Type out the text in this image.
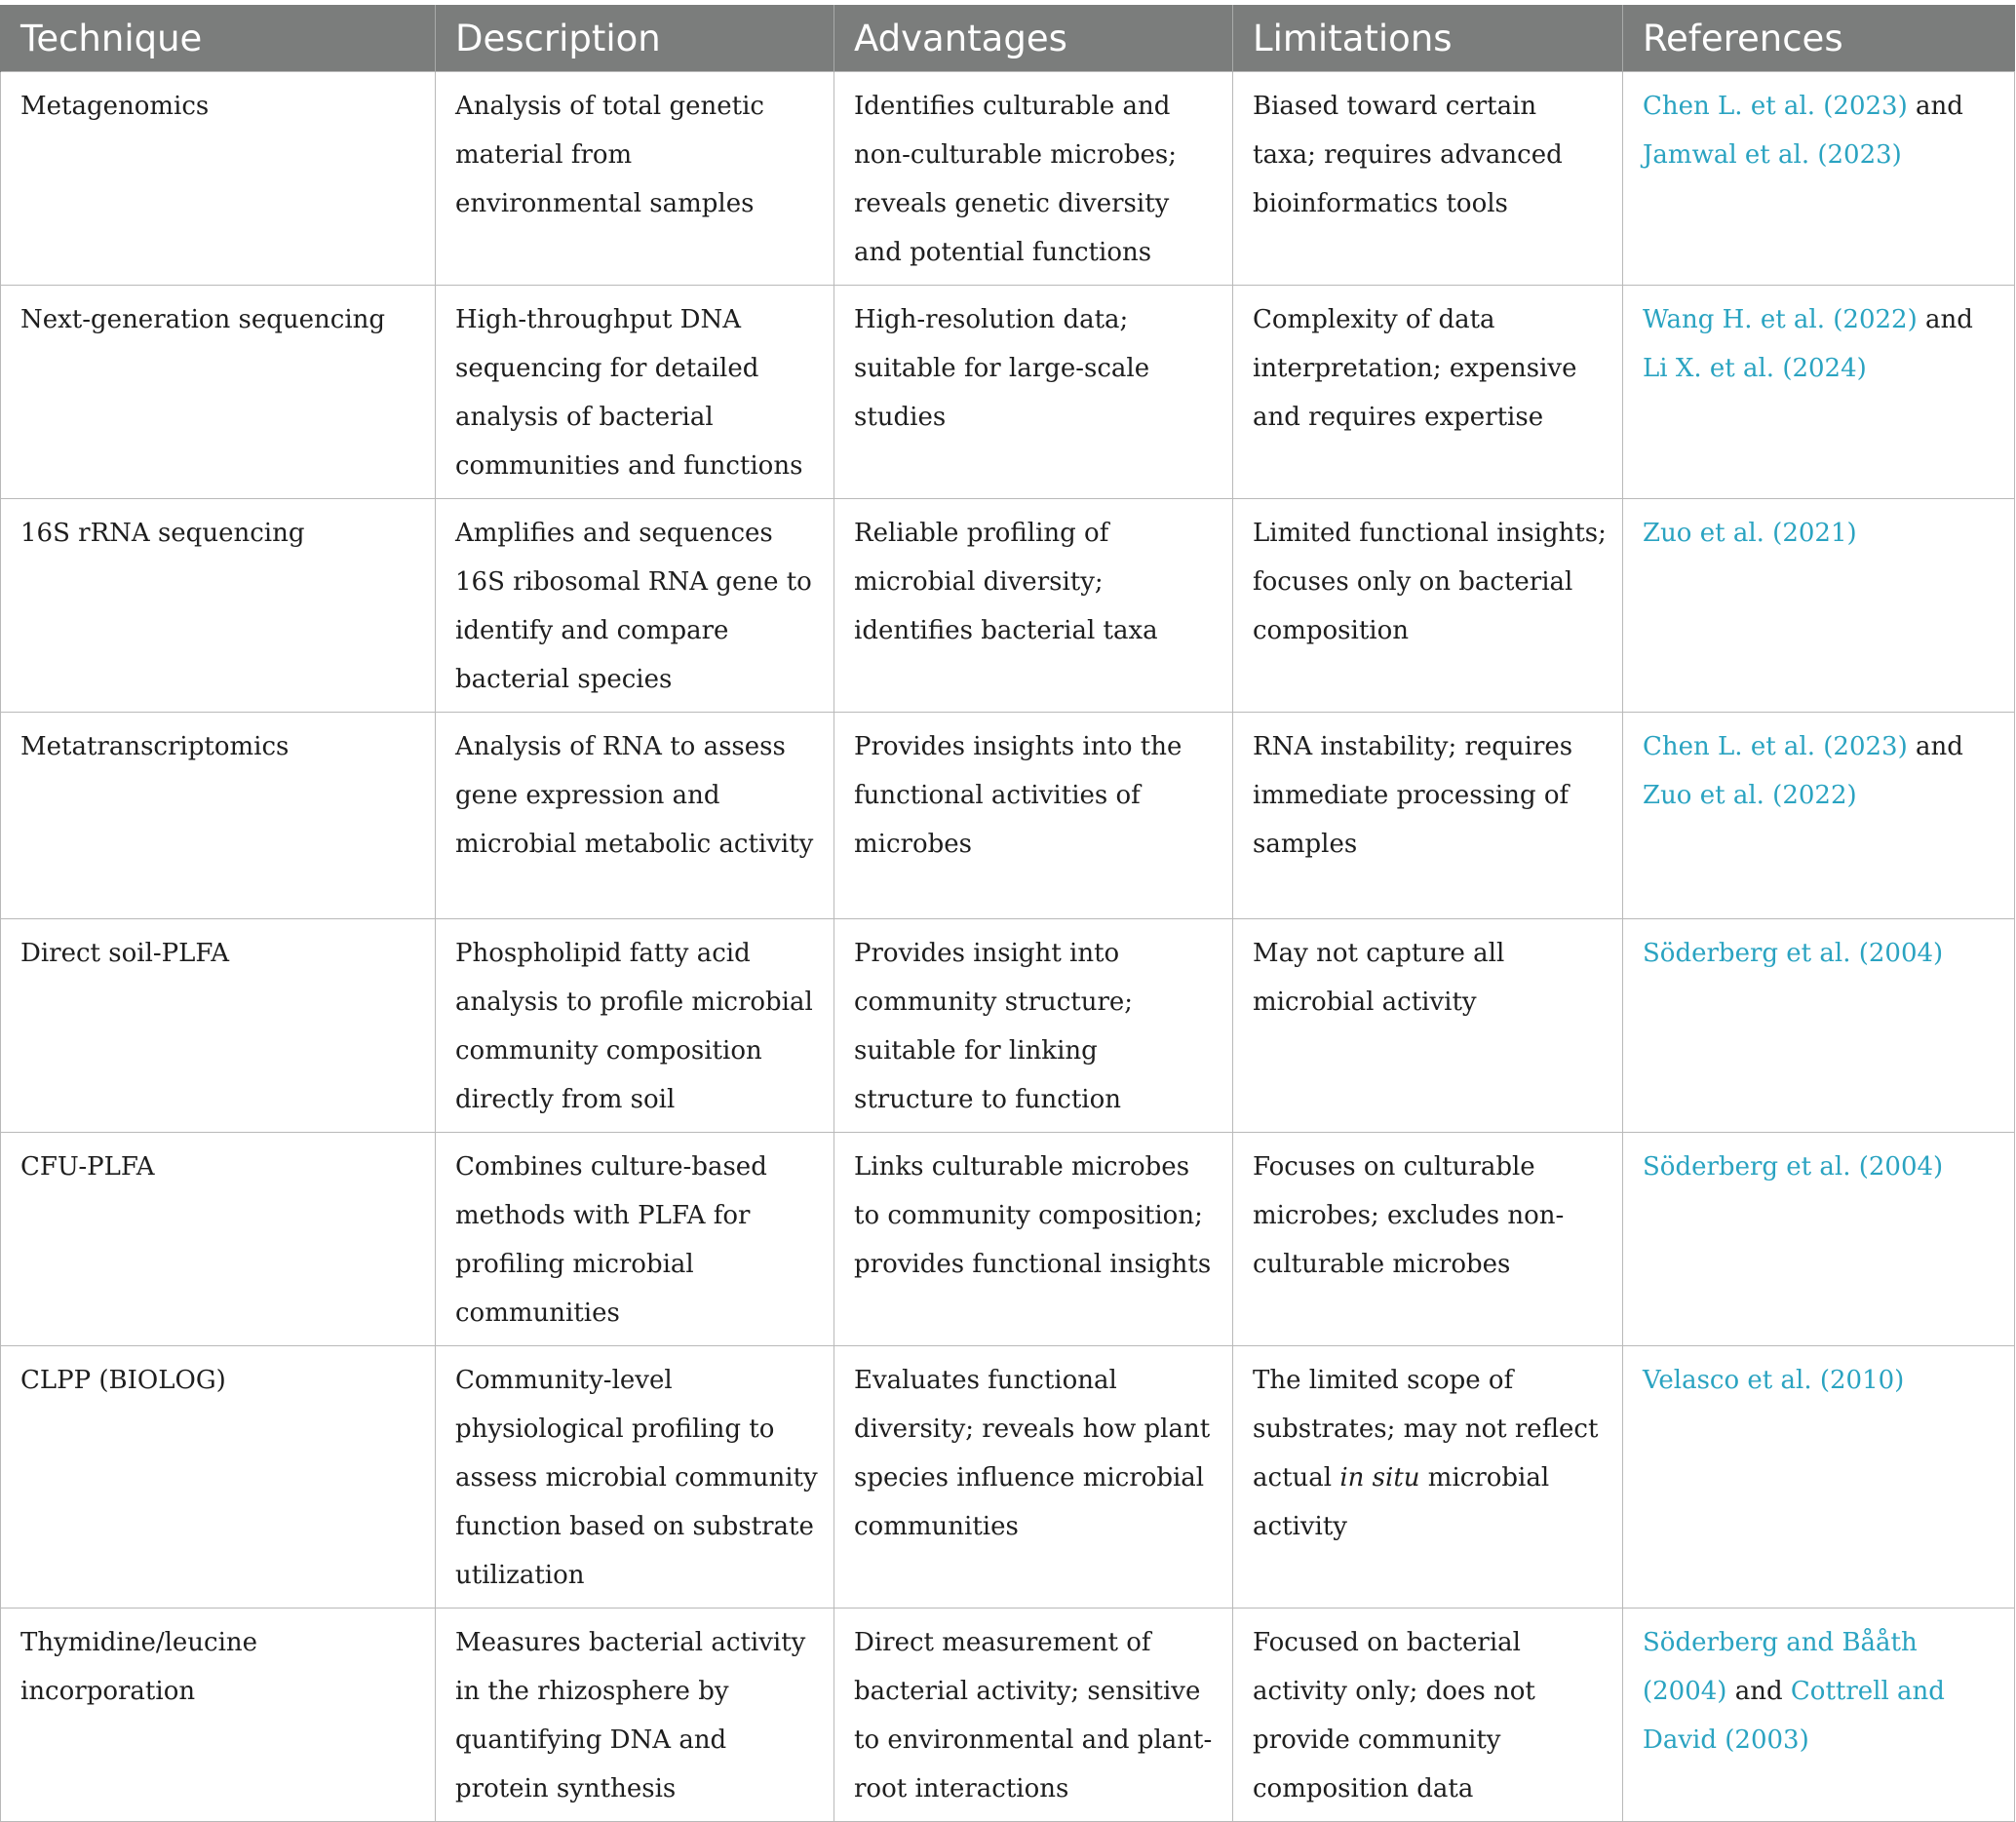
Technique	Description	Advantages	Limitations	References
Metagenomics	Analysis of total genetic material from environmental samples	Identifies culturable and non-culturable microbes; reveals genetic diversity and potential functions	Biased toward certain taxa; requires advanced bioinformatics tools	Chen L. et al. (2023) and Jamwal et al. (2023)
Next-generation sequencing	High-throughput DNA sequencing for detailed analysis of bacterial communities and functions	High-resolution data; suitable for large-scale studies	Complexity of data interpretation; expensive and requires expertise	Wang H. et al. (2022) and Li X. et al. (2024)
16S rRNA sequencing	Amplifies and sequences 16S ribosomal RNA gene to identify and compare bacterial species	Reliable profiling of microbial diversity; identifies bacterial taxa	Limited functional insights; focuses only on bacterial composition	Zuo et al. (2021)
Metatranscriptomics	Analysis of RNA to assess gene expression and microbial metabolic activity	Provides insights into the functional activities of microbes	RNA instability; requires immediate processing of samples	Chen L. et al. (2023) and Zuo et al. (2022)
Direct soil-PLFA	Phospholipid fatty acid analysis to profile microbial community composition directly from soil	Provides insight into community structure; suitable for linking structure to function	May not capture all microbial activity	Söderberg et al. (2004)
CFU-PLFA	Combines culture-based methods with PLFA for profiling microbial communities	Links culturable microbes to community composition; provides functional insights	Focuses on culturable microbes; excludes non-culturable microbes	Söderberg et al. (2004)
CLPP (BIOLOG)	Community-level physiological profiling to assess microbial community function based on substrate utilization	Evaluates functional diversity; reveals how plant species influence microbial communities	The limited scope of substrates; may not reflect actual in situ microbial activity	Velasco et al. (2010)
Thymidine/leucine incorporation	Measures bacterial activity in the rhizosphere by quantifying DNA and protein synthesis	Direct measurement of bacterial activity; sensitive to environmental and plant-root interactions	Focused on bacterial activity only; does not provide community composition data	Söderberg and Bååth (2004) and Cottrell and David (2003)
